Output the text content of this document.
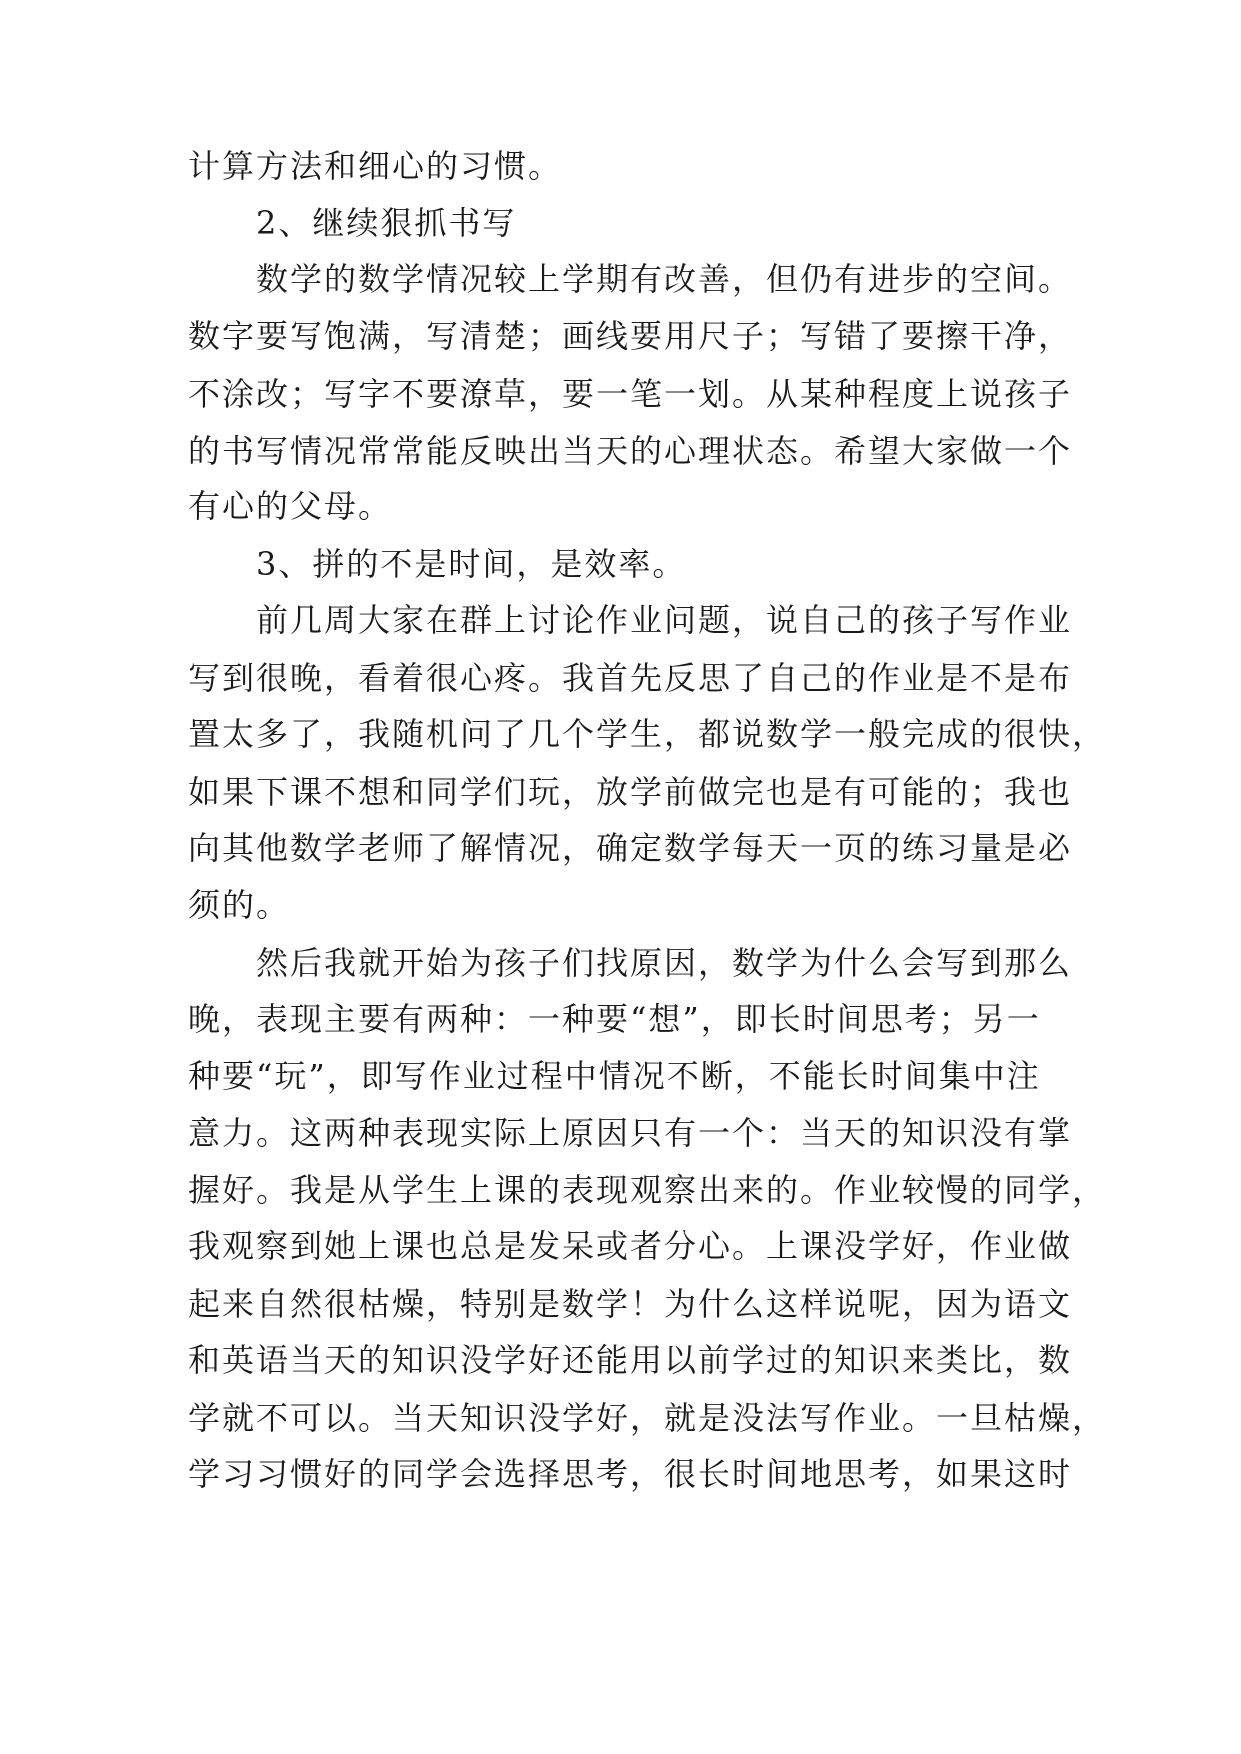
计算方法和细心的习惯。
2、继续狠抓书写
数学的数学情况较上学期有改善，但仍有进步的空间。
数字要写饱满，写清楚；画线要用尺子；写错了要擦干净，
不涂改；写字不要潦草，要一笔一划。从某种程度上说孩子
的书写情况常常能反映出当天的心理状态。希望大家做一个
有心的父母。
3、拼的不是时间，是效率。
前几周大家在群上讨论作业问题，说自己的孩子写作业
写到很晚，看着很心疼。我首先反思了自己的作业是不是布
置太多了，我随机问了几个学生，都说数学一般完成的很快，
如果下课不想和同学们玩，放学前做完也是有可能的；我也
向其他数学老师了解情况，确定数学每天一页的练习量是必
须的。
然后我就开始为孩子们找原因，数学为什么会写到那么
晚，表现主要有两种：一种要“想”，即长时间思考；另一
种要“玩”，即写作业过程中情况不断，不能长时间集中注
意力。这两种表现实际上原因只有一个：当天的知识没有掌
握好。我是从学生上课的表现观察出来的。作业较慢的同学，
我观察到她上课也总是发呆或者分心。上课没学好，作业做
起来自然很枯燥，特别是数学！为什么这样说呢，因为语文
和英语当天的知识没学好还能用以前学过的知识来类比，数
学就不可以。当天知识没学好，就是没法写作业。一旦枯燥，
学习习惯好的同学会选择思考，很长时间地思考，如果这时
